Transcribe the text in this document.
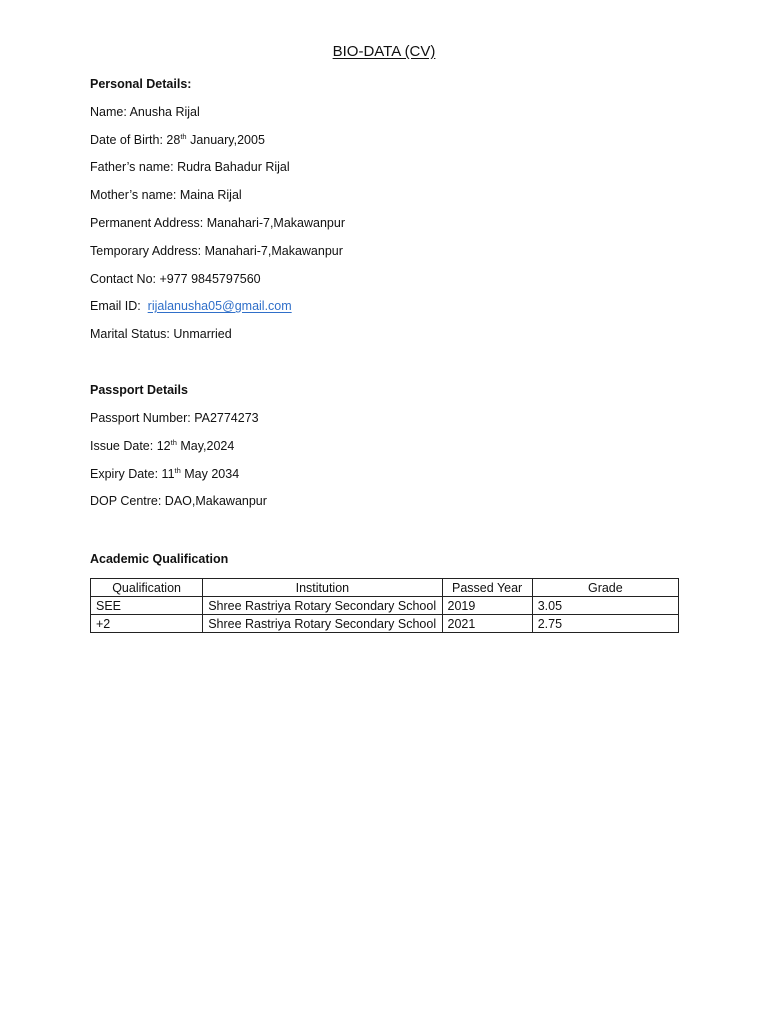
BIO-DATA (CV)
Personal Details:
Name: Anusha Rijal
Date of Birth: 28th January,2005
Father’s name: Rudra Bahadur Rijal
Mother’s name: Maina Rijal
Permanent Address: Manahari-7,Makawanpur
Temporary Address: Manahari-7,Makawanpur
Contact No: +977 9845797560
Email ID:  rijalanusha05@gmail.com
Marital Status: Unmarried
Passport Details
Passport Number: PA2774273
Issue Date: 12th May,2024
Expiry Date: 11th May 2034
DOP Centre: DAO,Makawanpur
Academic Qualification
Qualification	Institution	Passed Year	Grade
SEE	Shree Rastriya Rotary Secondary School	2019	3.05
+2	Shree Rastriya Rotary Secondary School	2021	2.75
